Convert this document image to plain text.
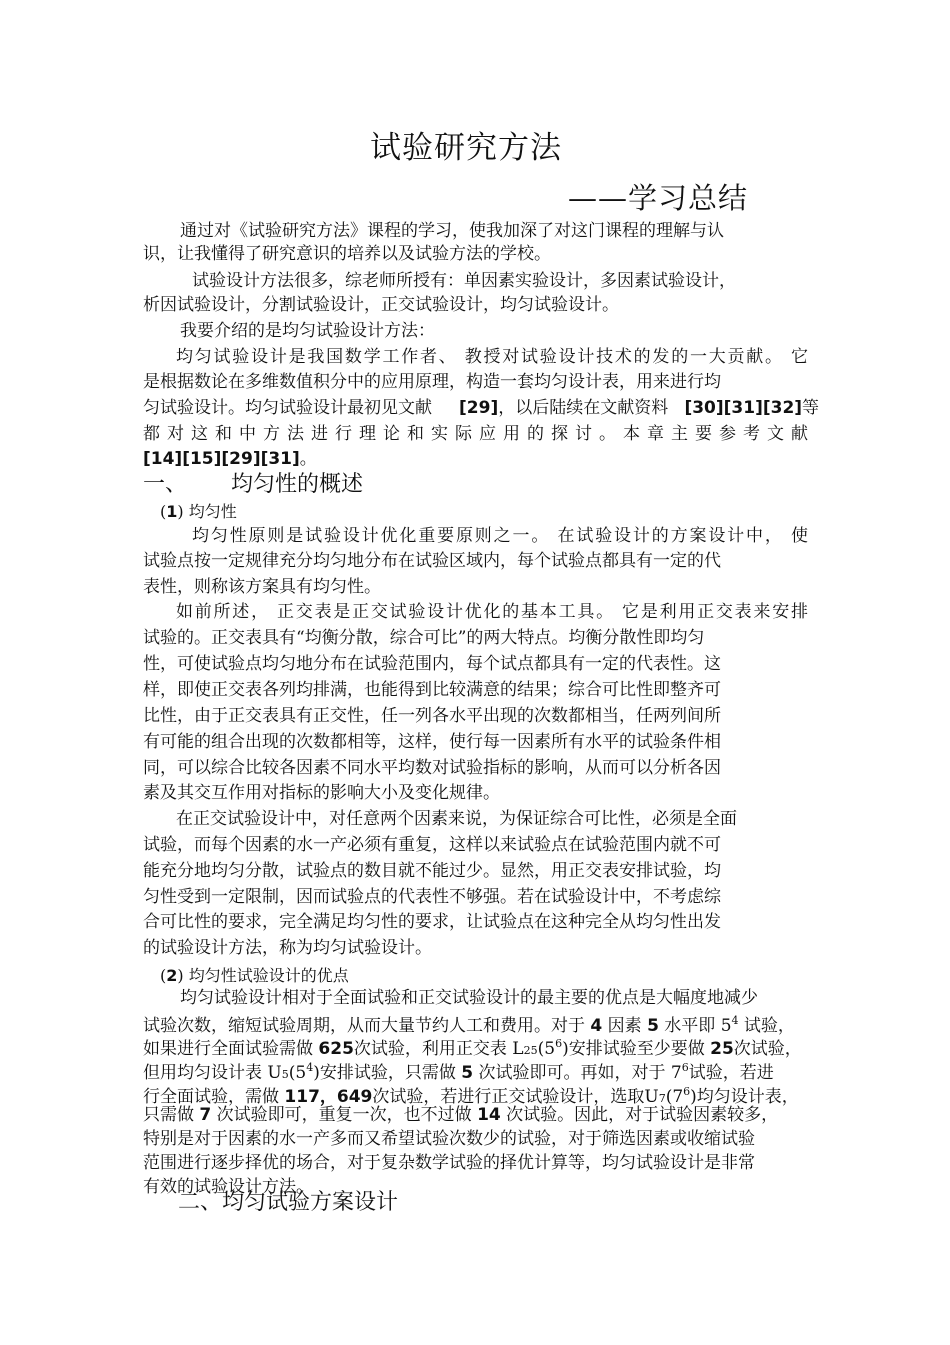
试验研究方法
——学习总结
通过对《试验研究方法》课程的学习，使我加深了对这门课程的理解与认
识，让我懂得了研究意识的培养以及试验方法的学校。
试验设计方法很多，综老师所授有：单因素实验设计，多因素试验设计，
析因试验设计，分割试验设计，正交试验设计，均匀试验设计。
我要介绍的是均匀试验设计方法：
均匀试验设计是我国数学工作者、 教授对试验设计技术的发的一大贡献。 它
是根据数论在多维数值积分中的应用原理，构造一套均匀设计表，用来进行均
匀试验设计。均匀试验设计最初见文献 [29]，以后陆续在文献资料 [30][31][32]等
都对这和中方法进行理论和实际应用的探讨。本章主要参考文献
[14][15][29][31]。
一、 均匀性的概述
(1) 均匀性
均匀性原则是试验设计优化重要原则之一。 在试验设计的方案设计中， 使
试验点按一定规律充分均匀地分布在试验区域内，每个试验点都具有一定的代
表性，则称该方案具有均匀性。
如前所述， 正交表是正交试验设计优化的基本工具。 它是利用正交表来安排
试验的。正交表具有“均衡分散，综合可比”的两大特点。均衡分散性即均匀
性，可使试验点均匀地分布在试验范围内，每个试点都具有一定的代表性。这
样，即使正交表各列均排满，也能得到比较满意的结果；综合可比性即整齐可
比性，由于正交表具有正交性，任一列各水平出现的次数都相当，任两列间所
有可能的组合出现的次数都相等，这样，使行每一因素所有水平的试验条件相
同，可以综合比较各因素不同水平均数对试验指标的影响，从而可以分析各因
素及其交互作用对指标的影响大小及变化规律。
在正交试验设计中，对任意两个因素来说，为保证综合可比性，必须是全面
试验，而每个因素的水一产必须有重复，这样以来试验点在试验范围内就不可
能充分地均匀分散，试验点的数目就不能过少。显然，用正交表安排试验，均
匀性受到一定限制，因而试验点的代表性不够强。若在试验设计中，不考虑综
合可比性的要求，完全满足均匀性的要求，让试验点在这种完全从均匀性出发
的试验设计方法，称为均匀试验设计。
(2) 均匀性试验设计的优点
均匀试验设计相对于全面试验和正交试验设计的最主要的优点是大幅度地减少
试验次数，缩短试验周期，从而大量节约人工和费用。对于 4 因素 5 水平即 $5^4$ 试验，
如果进行全面试验需做 625次试验，利用正交表 $L25(5^6)$安排试验至少要做 25次试验，
但用均匀设计表 $U5(5^4)$安排试验，只需做 5 次试验即可。再如，对于 $7^6$试验，若进
行全面试验，需做 117，649次试验，若进行正交试验设计，选取$U7(7^6)$均匀设计表，
只需做 7 次试验即可，重复一次，也不过做 14 次试验。因此，对于试验因素较多，
特别是对于因素的水一产多而又希望试验次数少的试验，对于筛选因素或收缩试验
范围进行逐步择优的场合，对于复杂数学试验的择优计算等，均匀试验设计是非常
有效的试验设计方法。
二、均匀试验方案设计
